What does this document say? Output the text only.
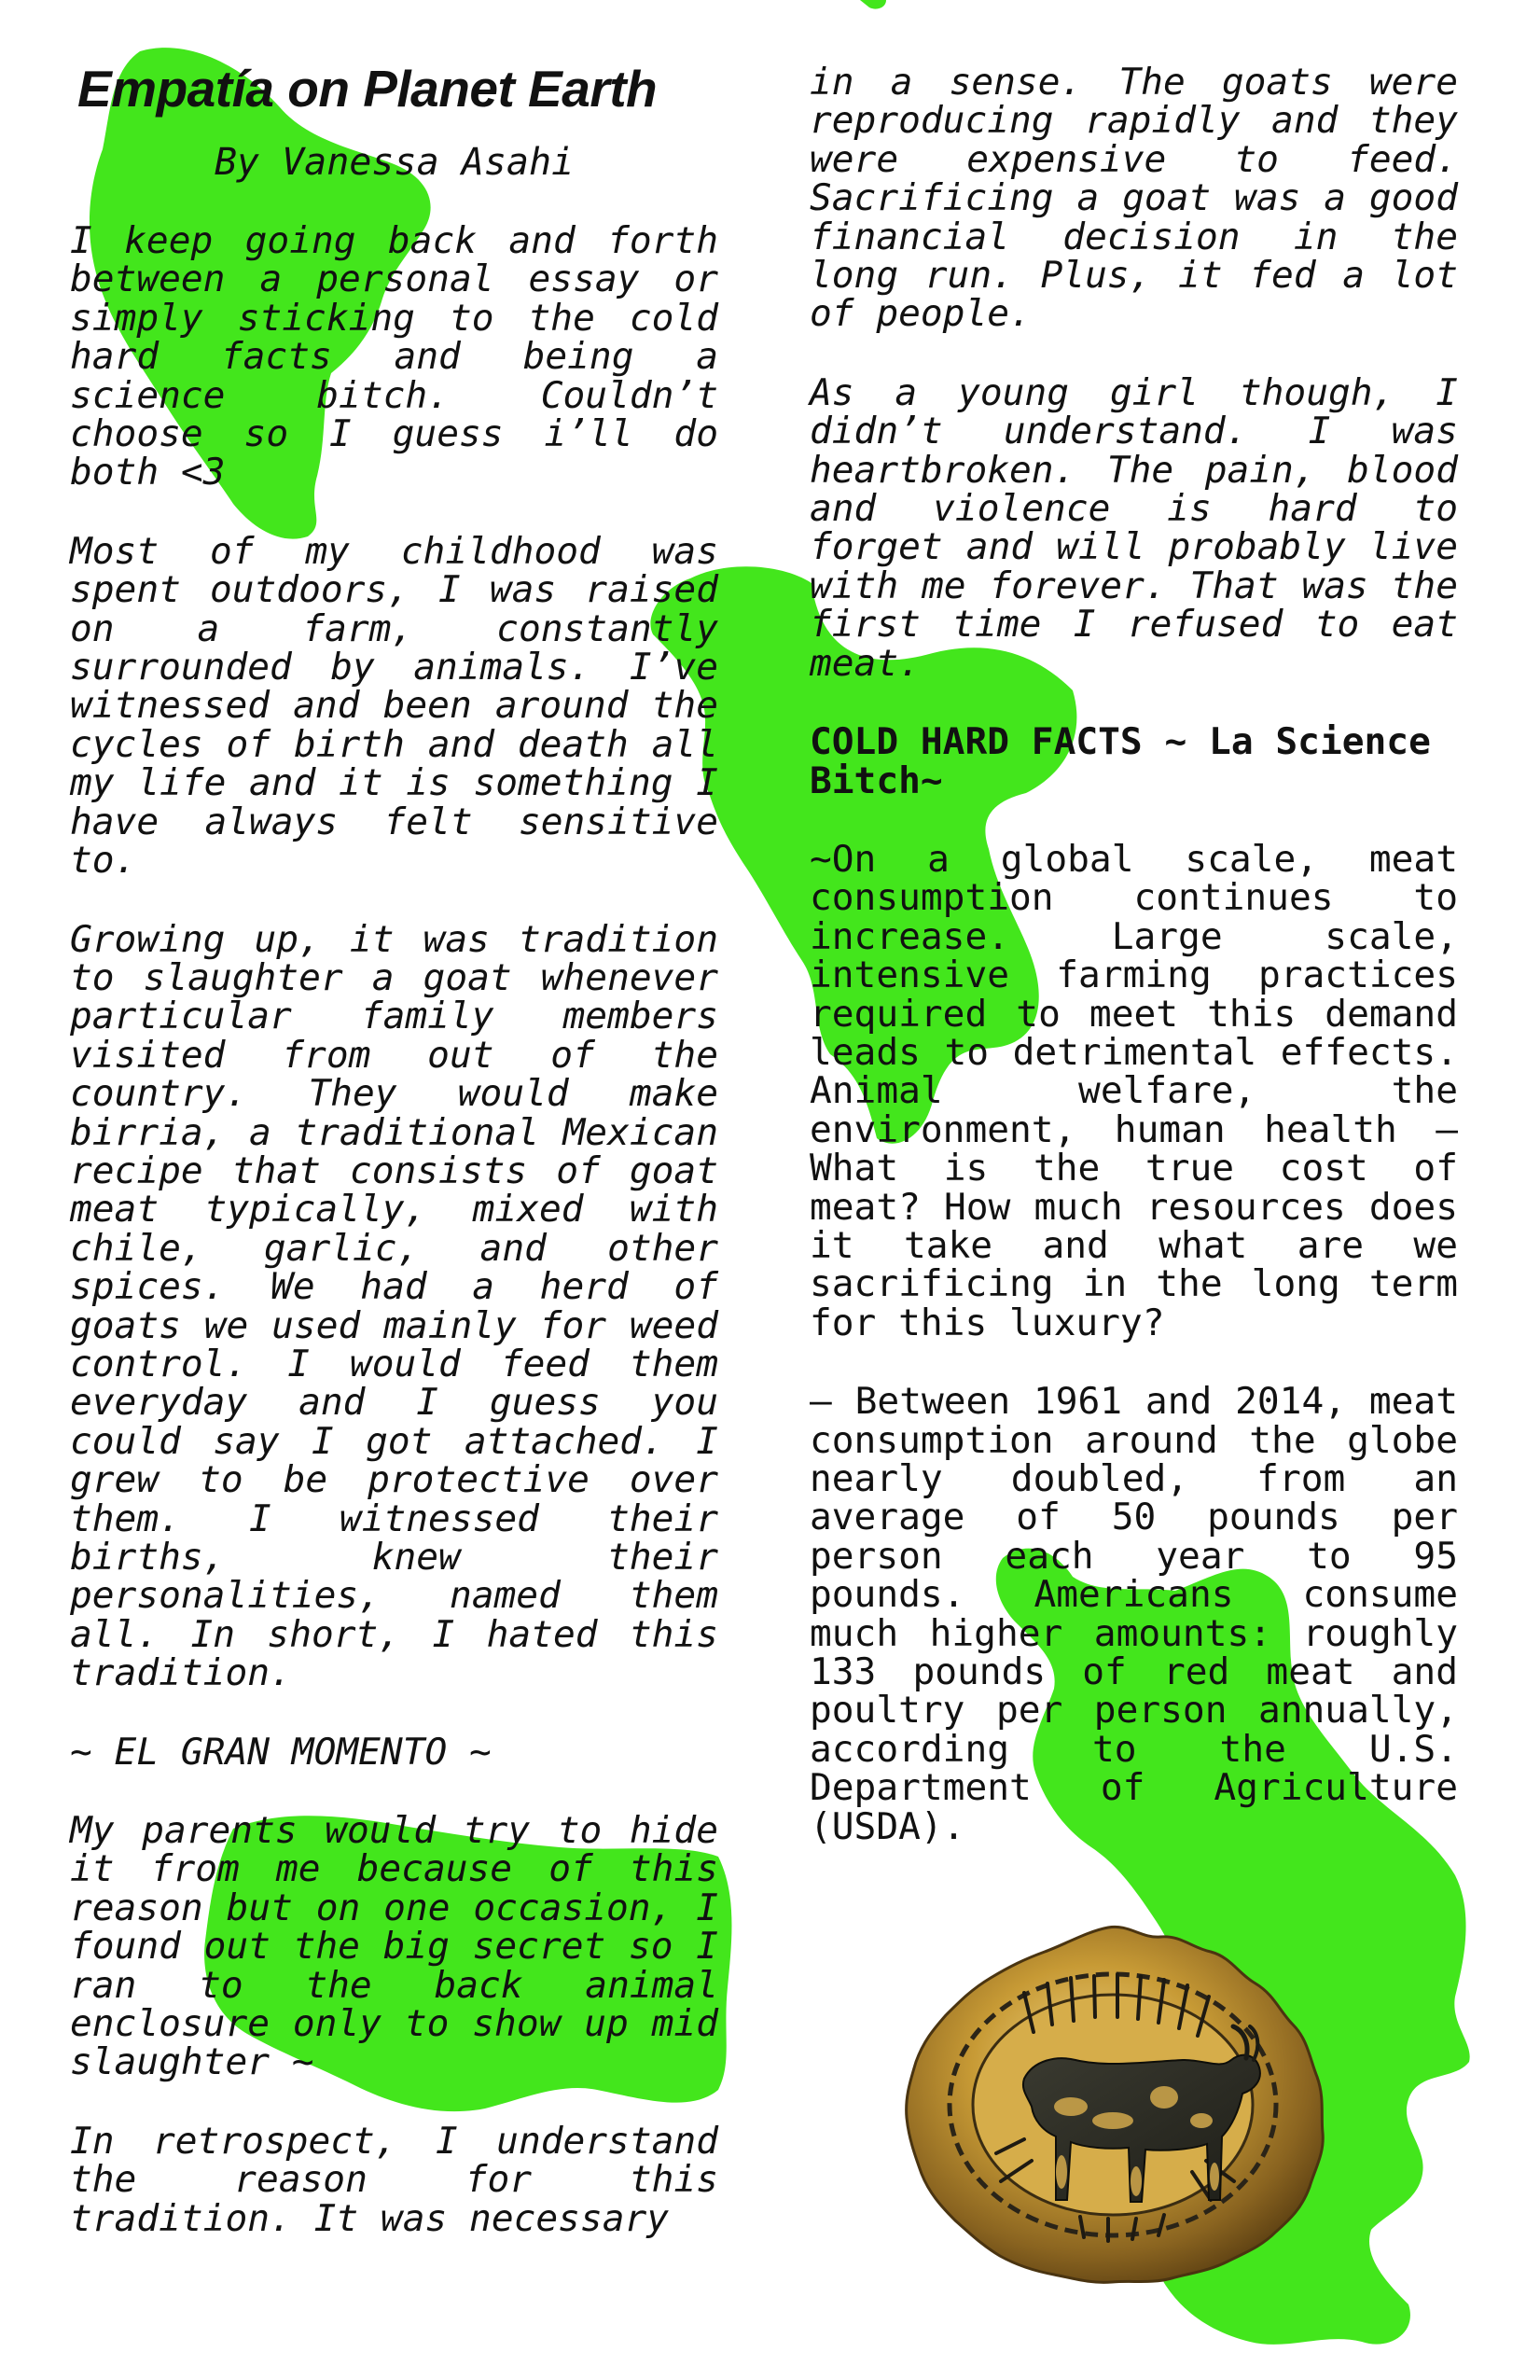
Empatía on Planet Earth
By Vanessa Asahi

I keep going back and forth between a personal essay or simply sticking to the cold hard facts and being a science bitch. Couldn’t choose so I guess i’ll do both <3

Most of my childhood was spent outdoors, I was raised on a farm, constantly surrounded by animals. I’ve witnessed and been around the cycles of birth and death all my life and it is something I have always felt sensitive to.

Growing up, it was tradition to slaughter a goat whenever particular family members visited from out of the country. They would make birria, a traditional Mexican recipe that consists of goat meat typically, mixed with chile, garlic, and other spices. We had a herd of goats we used mainly for weed control. I would feed them everyday and I guess you could say I got attached. I grew to be protective over them. I witnessed their births, knew their personalities, named them all. In short, I hated this tradition.

~ EL GRAN MOMENTO ~

My parents would try to hide it from me because of this reason but on one occasion, I found out the big secret so I ran to the back animal enclosure only to show up mid slaughter ~

In retrospect, I understand the reason for this tradition. It was necessary

in a sense. The goats were reproducing rapidly and they were expensive to feed. Sacrificing a goat was a good financial decision in the long run. Plus, it fed a lot of people.

As a young girl though, I didn’t understand. I was heartbroken. The pain, blood and violence is hard to forget and will probably live with me forever. That was the first time I refused to eat meat.

COLD HARD FACTS ~ La Science Bitch~

~On a global scale, meat consumption continues to increase. Large scale, intensive farming practices required to meet this demand leads to detrimental effects. Animal welfare, the environment, human health — What is the true cost of meat? How much resources does it take and what are we sacrificing in the long term for this luxury?

– Between 1961 and 2014, meat consumption around the globe nearly doubled, from an average of 50 pounds per person each year to 95 pounds. Americans consume much higher amounts: roughly 133 pounds of red meat and poultry per person annually, according to the U.S. Department of Agriculture (USDA).
